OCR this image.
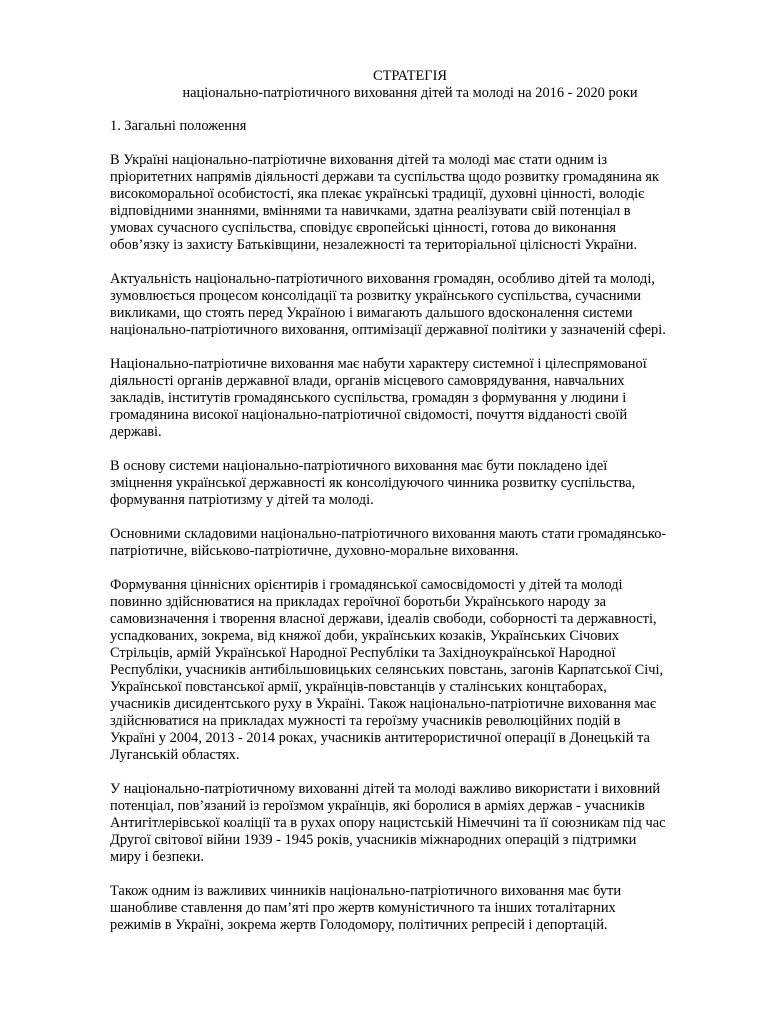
СТРАТЕГІЯ
національно-патріотичного виховання дітей та молоді на 2016 - 2020 роки

1. Загальні положення

В Україні національно-патріотичне виховання дітей та молоді має стати одним із
пріоритетних напрямів діяльності держави та суспільства щодо розвитку громадянина як
високоморальної особистості, яка плекає українські традиції, духовні цінності, володіє
відповідними знаннями, вміннями та навичками, здатна реалізувати свій потенціал в
умовах сучасного суспільства, сповідує європейські цінності, готова до виконання
обов’язку із захисту Батьківщини, незалежності та територіальної цілісності України.

Актуальність національно-патріотичного виховання громадян, особливо дітей та молоді,
зумовлюється процесом консолідації та розвитку українського суспільства, сучасними
викликами, що стоять перед Україною і вимагають дальшого вдосконалення системи
національно-патріотичного виховання, оптимізації державної політики у зазначеній сфері.

Національно-патріотичне виховання має набути характеру системної і цілеспрямованої
діяльності органів державної влади, органів місцевого самоврядування, навчальних
закладів, інститутів громадянського суспільства, громадян з формування у людини і
громадянина високої національно-патріотичної свідомості, почуття відданості своїй
державі.

В основу системи національно-патріотичного виховання має бути покладено ідеї
зміцнення української державності як консолідуючого чинника розвитку суспільства,
формування патріотизму у дітей та молоді.

Основними складовими національно-патріотичного виховання мають стати громадянсько-
патріотичне, військово-патріотичне, духовно-моральне виховання.

Формування ціннісних орієнтирів і громадянської самосвідомості у дітей та молоді
повинно здійснюватися на прикладах героїчної боротьби Українського народу за
самовизначення і творення власної держави, ідеалів свободи, соборності та державності,
успадкованих, зокрема, від княжої доби, українських козаків, Українських Січових
Стрільців, армій Української Народної Республіки та Західноукраїнської Народної
Республіки, учасників антибільшовицьких селянських повстань, загонів Карпатської Січі,
Української повстанської армії, українців-повстанців у сталінських концтаборах,
учасників дисидентського руху в Україні. Також національно-патріотичне виховання має
здійснюватися на прикладах мужності та героїзму учасників революційних подій в
Україні у 2004, 2013 - 2014 роках, учасників антитерористичної операції в Донецькій та
Луганській областях.

У національно-патріотичному вихованні дітей та молоді важливо використати і виховний
потенціал, пов’язаний із героїзмом українців, які боролися в арміях держав - учасників
Антигітлерівської коаліції та в рухах опору нацистській Німеччині та її союзникам під час
Другої світової війни 1939 - 1945 років, учасників міжнародних операцій з підтримки
миру і безпеки.

Також одним із важливих чинників національно-патріотичного виховання має бути
шанобливе ставлення до пам’яті про жертв комуністичного та інших тоталітарних
режимів в Україні, зокрема жертв Голодомору, політичних репресій і депортацій.
